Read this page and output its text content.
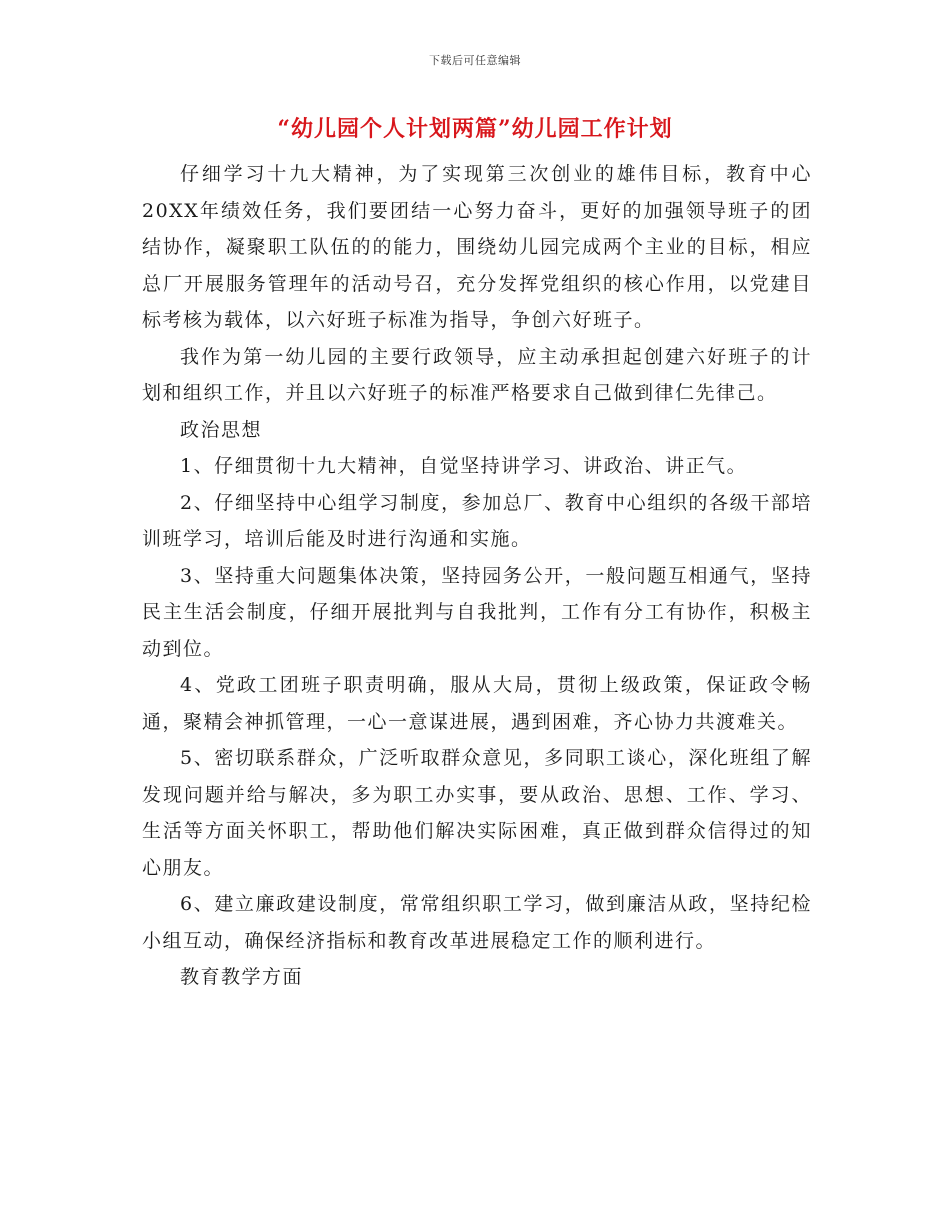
下载后可任意编辑
“幼儿园个人计划两篇”幼儿园工作计划

仔细学习十九大精神，为了实现第三次创业的雄伟目标，教育中心20XX年绩效任务，我们要团结一心努力奋斗，更好的加强领导班子的团结协作，凝聚职工队伍的的能力，围绕幼儿园完成两个主业的目标，相应总厂开展服务管理年的活动号召，充分发挥党组织的核心作用，以党建目标考核为载体，以六好班子标准为指导，争创六好班子。

我作为第一幼儿园的主要行政领导，应主动承担起创建六好班子的计划和组织工作，并且以六好班子的标准严格要求自己做到律仁先律己。

政治思想

1、仔细贯彻十九大精神，自觉坚持讲学习、讲政治、讲正气。

2、仔细坚持中心组学习制度，参加总厂、教育中心组织的各级干部培训班学习，培训后能及时进行沟通和实施。

3、坚持重大问题集体决策，坚持园务公开，一般问题互相通气，坚持民主生活会制度，仔细开展批判与自我批判，工作有分工有协作，积极主动到位。

4、党政工团班子职责明确，服从大局，贯彻上级政策，保证政令畅通，聚精会神抓管理，一心一意谋进展，遇到困难，齐心协力共渡难关。

5、密切联系群众，广泛听取群众意见，多同职工谈心，深化班组了解发现问题并给与解决，多为职工办实事，要从政治、思想、工作、学习、生活等方面关怀职工，帮助他们解决实际困难，真正做到群众信得过的知心朋友。

6、建立廉政建设制度，常常组织职工学习，做到廉洁从政，坚持纪检小组互动，确保经济指标和教育改革进展稳定工作的顺利进行。

教育教学方面
